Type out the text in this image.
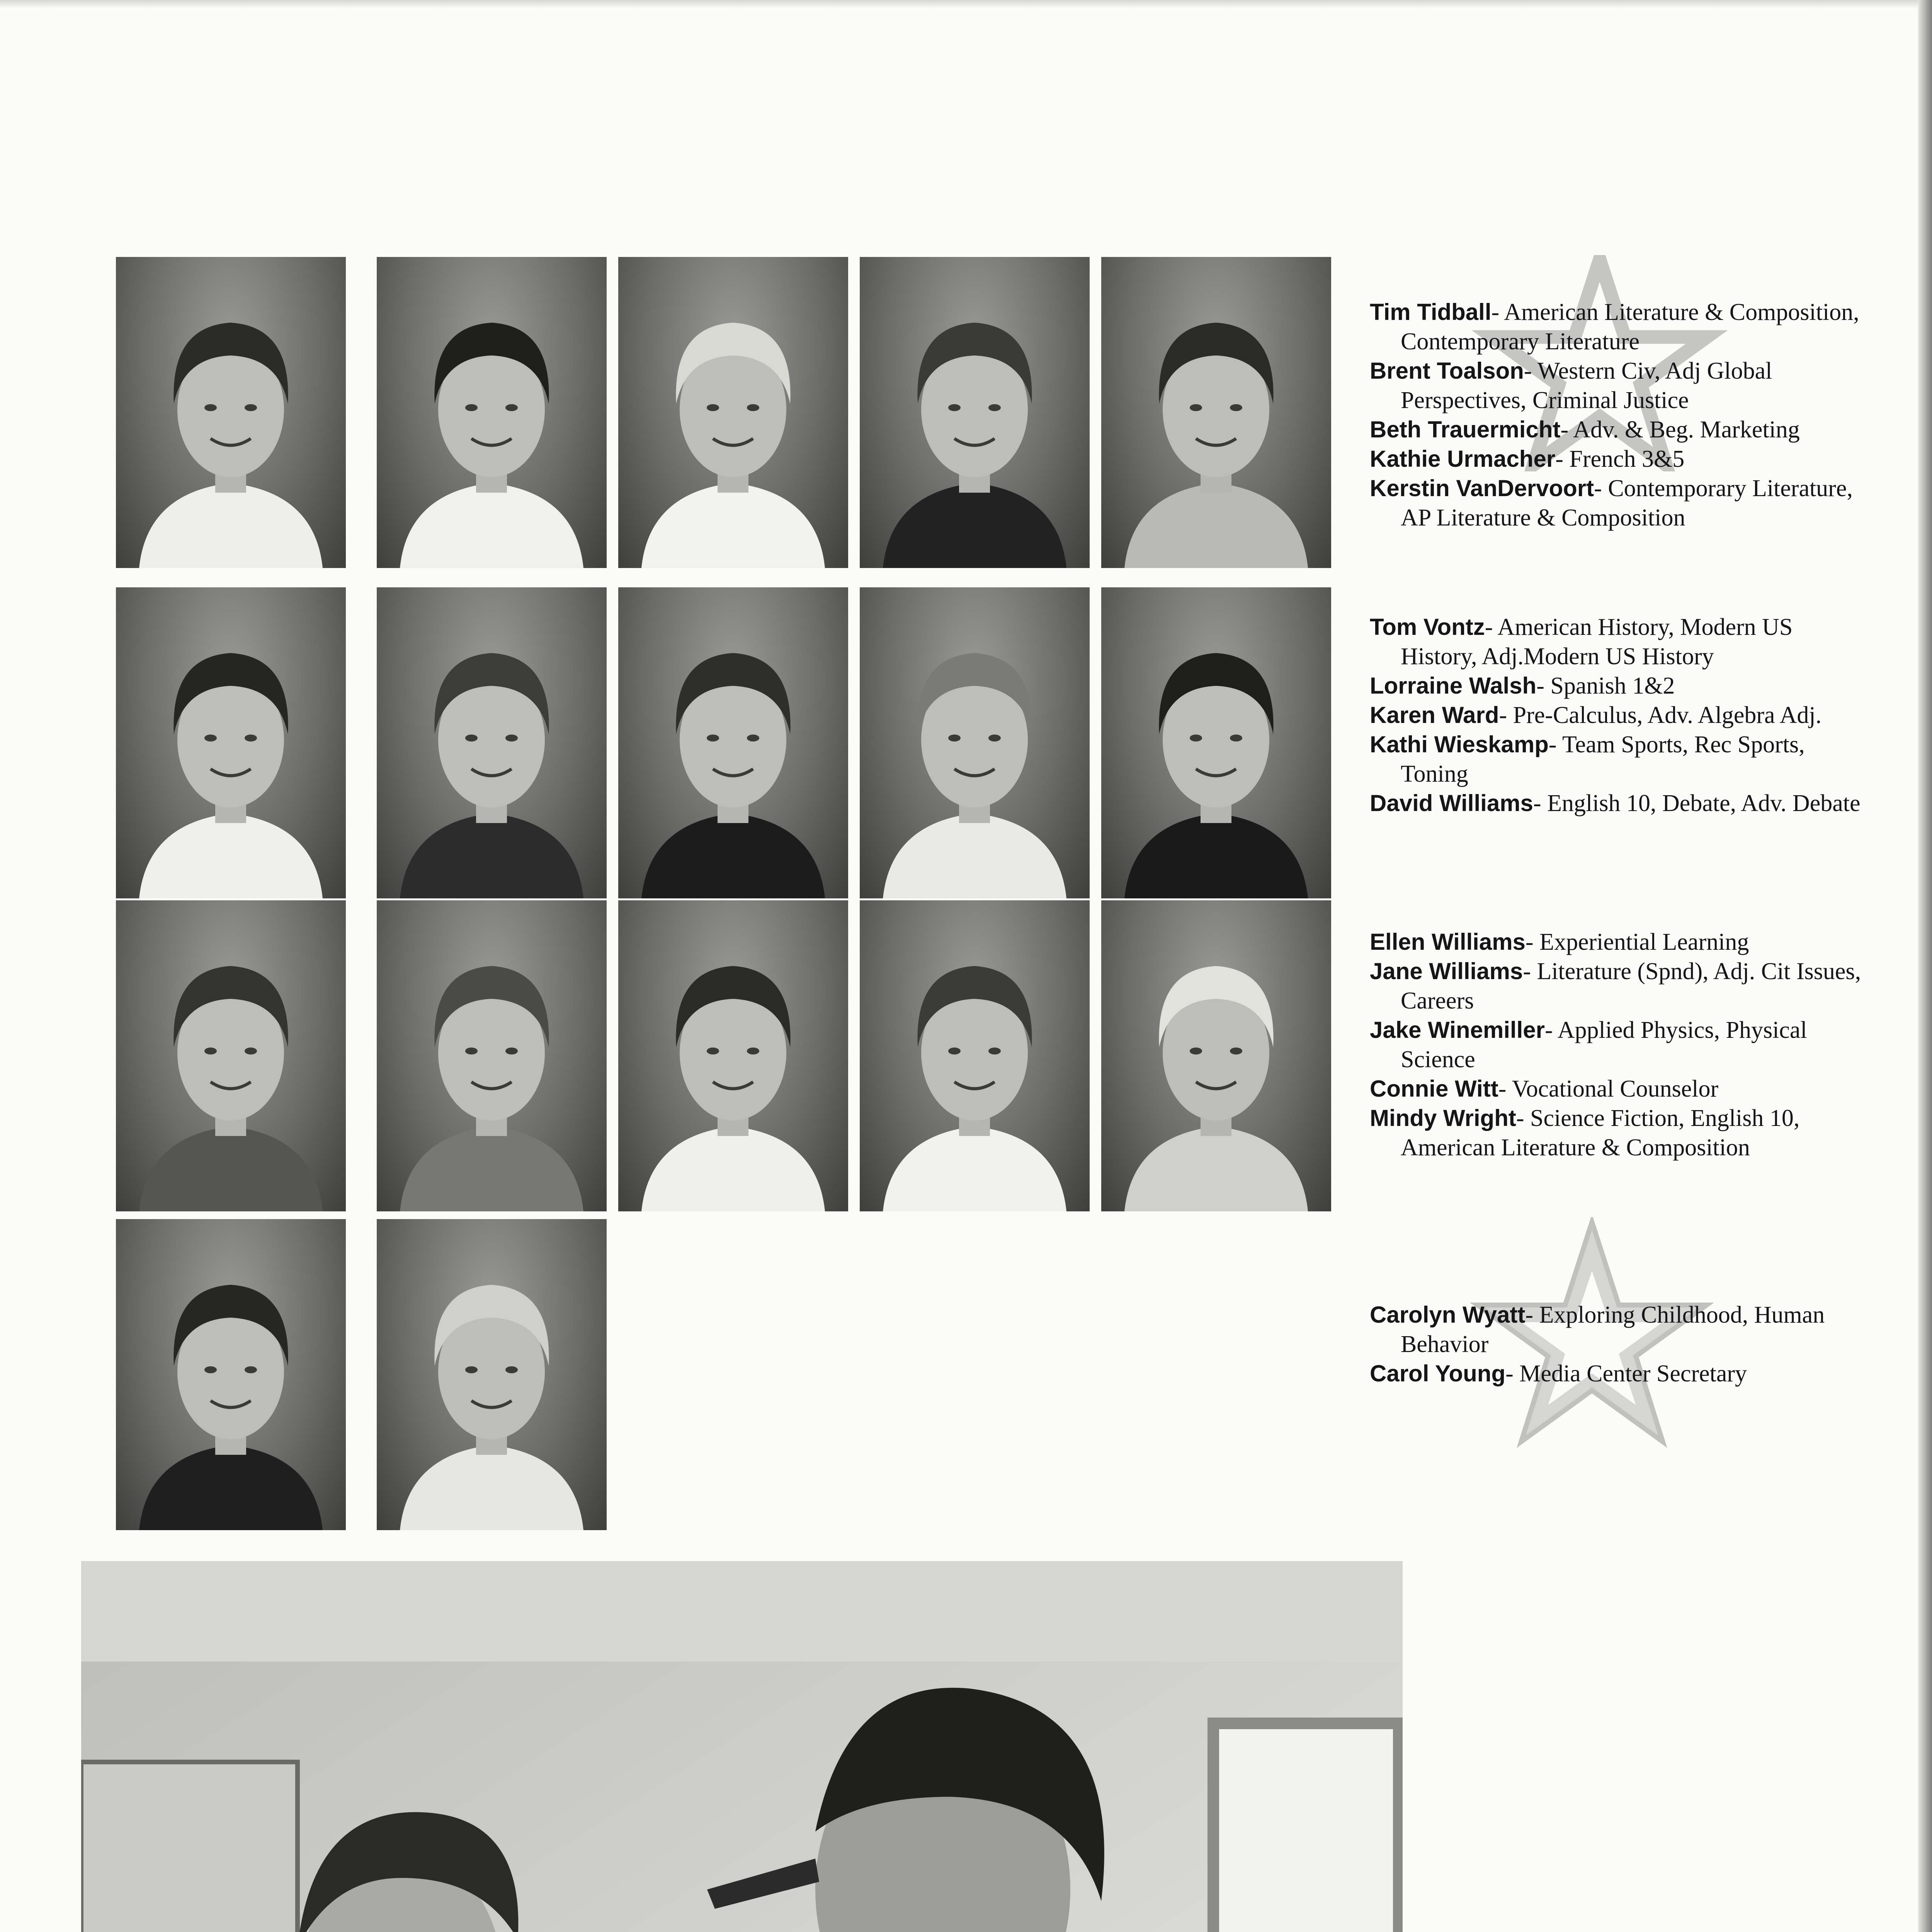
Tim Tidball- American Literature & Composition, Contemporary Literature

Brent Toalson- Western Civ, Adj Global Perspectives, Criminal Justice

Beth Trauermicht- Adv. & Beg. Marketing

Kathie Urmacher- French 3&5

Kerstin VanDervoort- Contemporary Literature, AP Literature & Composition

Tom Vontz- American History, Modern US History, Adj.Modern US History

Lorraine Walsh- Spanish 1&2

Karen Ward- Pre-Calculus, Adv. Algebra Adj.

Kathi Wieskamp- Team Sports, Rec Sports, Toning

David Williams- English 10, Debate, Adv. Debate

Ellen Williams- Experiential Learning

Jane Williams- Literature (Spnd), Adj. Cit Issues, Careers

Jake Winemiller- Applied Physics, Physical Science

Connie Witt- Vocational Counselor

Mindy Wright- Science Fiction, English 10, American Literature & Composition

Carolyn Wyatt- Exploring Childhood, Human Behavior

Carol Young- Media Center Secretary
